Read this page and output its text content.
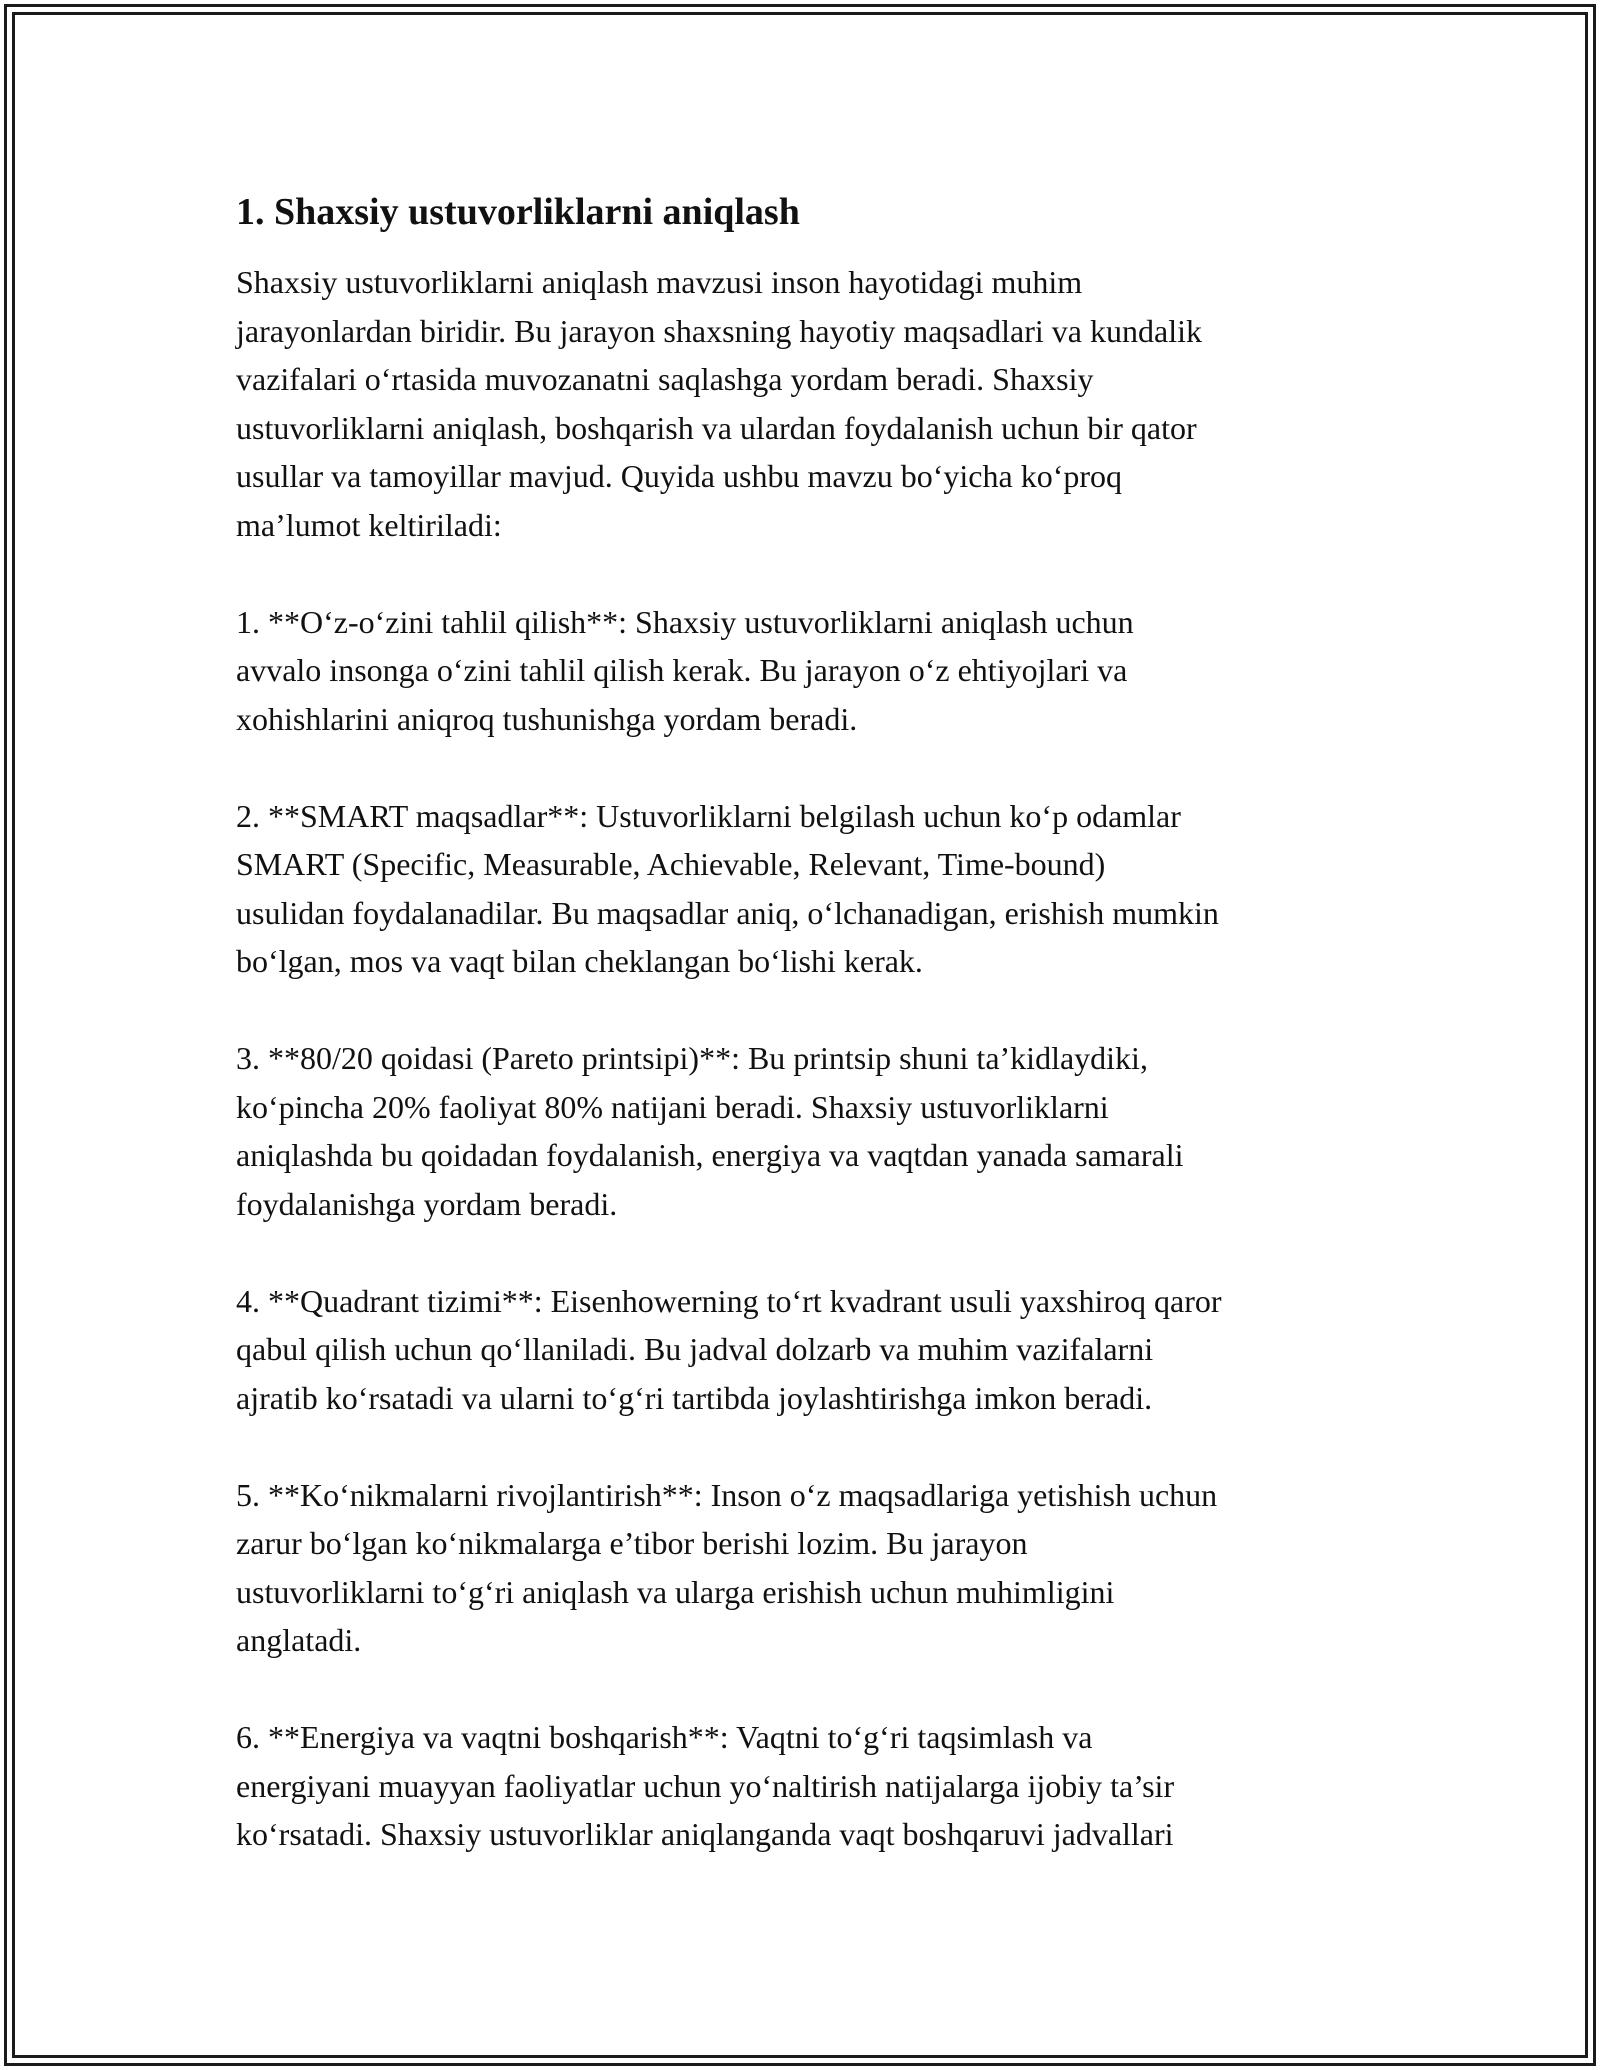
1. Shaxsiy ustuvorliklarni aniqlash
Shaxsiy ustuvorliklarni aniqlash mavzusi inson hayotidagi muhim
jarayonlardan biridir. Bu jarayon shaxsning hayotiy maqsadlari va kundalik
vazifalari o‘rtasida muvozanatni saqlashga yordam beradi. Shaxsiy
ustuvorliklarni aniqlash, boshqarish va ulardan foydalanish uchun bir qator
usullar va tamoyillar mavjud. Quyida ushbu mavzu bo‘yicha ko‘proq
ma’lumot keltiriladi:
1. **O‘z-o‘zini tahlil qilish**: Shaxsiy ustuvorliklarni aniqlash uchun
avvalo insonga o‘zini tahlil qilish kerak. Bu jarayon o‘z ehtiyojlari va
xohishlarini aniqroq tushunishga yordam beradi.
2. **SMART maqsadlar**: Ustuvorliklarni belgilash uchun ko‘p odamlar
SMART (Specific, Measurable, Achievable, Relevant, Time-bound)
usulidan foydalanadilar. Bu maqsadlar aniq, o‘lchanadigan, erishish mumkin
bo‘lgan, mos va vaqt bilan cheklangan bo‘lishi kerak.
3. **80/20 qoidasi (Pareto printsipi)**: Bu printsip shuni ta’kidlaydiki,
ko‘pincha 20% faoliyat 80% natijani beradi. Shaxsiy ustuvorliklarni
aniqlashda bu qoidadan foydalanish, energiya va vaqtdan yanada samarali
foydalanishga yordam beradi.
4. **Quadrant tizimi**: Eisenhowerning to‘rt kvadrant usuli yaxshiroq qaror
qabul qilish uchun qo‘llaniladi. Bu jadval dolzarb va muhim vazifalarni
ajratib ko‘rsatadi va ularni to‘g‘ri tartibda joylashtirishga imkon beradi.
5. **Ko‘nikmalarni rivojlantirish**: Inson o‘z maqsadlariga yetishish uchun
zarur bo‘lgan ko‘nikmalarga e’tibor berishi lozim. Bu jarayon
ustuvorliklarni to‘g‘ri aniqlash va ularga erishish uchun muhimligini
anglatadi.
6. **Energiya va vaqtni boshqarish**: Vaqtni to‘g‘ri taqsimlash va
energiyani muayyan faoliyatlar uchun yo‘naltirish natijalarga ijobiy ta’sir
ko‘rsatadi. Shaxsiy ustuvorliklar aniqlanganda vaqt boshqaruvi jadvallari
